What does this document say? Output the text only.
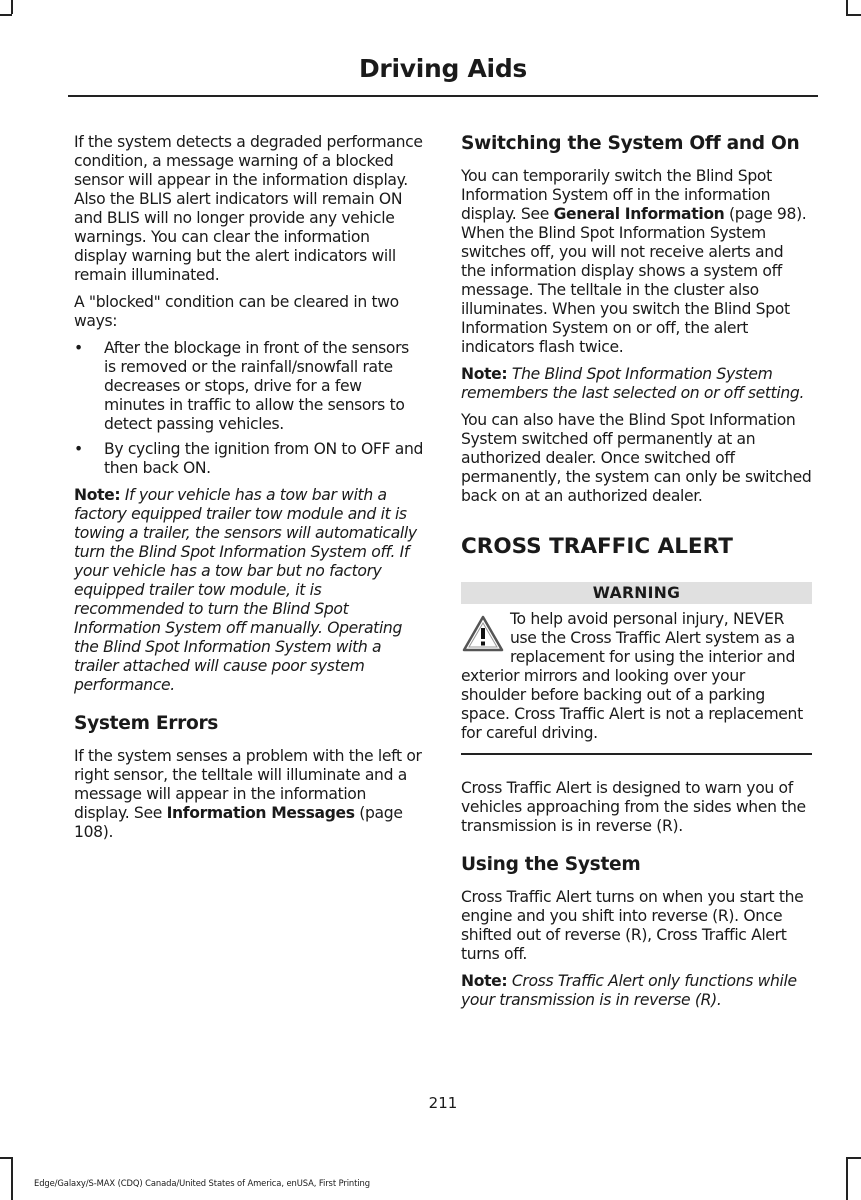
Driving Aids

If the system detects a degraded performance condition, a message warning of a blocked sensor will appear in the information display. Also the BLIS alert indicators will remain ON and BLIS will no longer provide any vehicle warnings. You can clear the information display warning but the alert indicators will remain illuminated.

A "blocked" condition can be cleared in two ways:

• After the blockage in front of the sensors is removed or the rainfall/snowfall rate decreases or stops, drive for a few minutes in traffic to allow the sensors to detect passing vehicles.
• By cycling the ignition from ON to OFF and then back ON.

Note: If your vehicle has a tow bar with a factory equipped trailer tow module and it is towing a trailer, the sensors will automatically turn the Blind Spot Information System off. If your vehicle has a tow bar but no factory equipped trailer tow module, it is recommended to turn the Blind Spot Information System off manually. Operating the Blind Spot Information System with a trailer attached will cause poor system performance.

System Errors

If the system senses a problem with the left or right sensor, the telltale will illuminate and a message will appear in the information display. See Information Messages (page 108).

Switching the System Off and On

You can temporarily switch the Blind Spot Information System off in the information display. See General Information (page 98). When the Blind Spot Information System switches off, you will not receive alerts and the information display shows a system off message. The telltale in the cluster also illuminates. When you switch the Blind Spot Information System on or off, the alert indicators flash twice.

Note: The Blind Spot Information System remembers the last selected on or off setting.

You can also have the Blind Spot Information System switched off permanently at an authorized dealer. Once switched off permanently, the system can only be switched back on at an authorized dealer.

CROSS TRAFFIC ALERT
WARNING
To help avoid personal injury, NEVER use the Cross Traffic Alert system as a replacement for using the interior and exterior mirrors and looking over your shoulder before backing out of a parking space. Cross Traffic Alert is not a replacement for careful driving.

Cross Traffic Alert is designed to warn you of vehicles approaching from the sides when the transmission is in reverse (R).

Using the System

Cross Traffic Alert turns on when you start the engine and you shift into reverse (R). Once shifted out of reverse (R), Cross Traffic Alert turns off.

Note: Cross Traffic Alert only functions while your transmission is in reverse (R).

211
Edge/Galaxy/S-MAX (CDQ) Canada/United States of America, enUSA, First Printing
